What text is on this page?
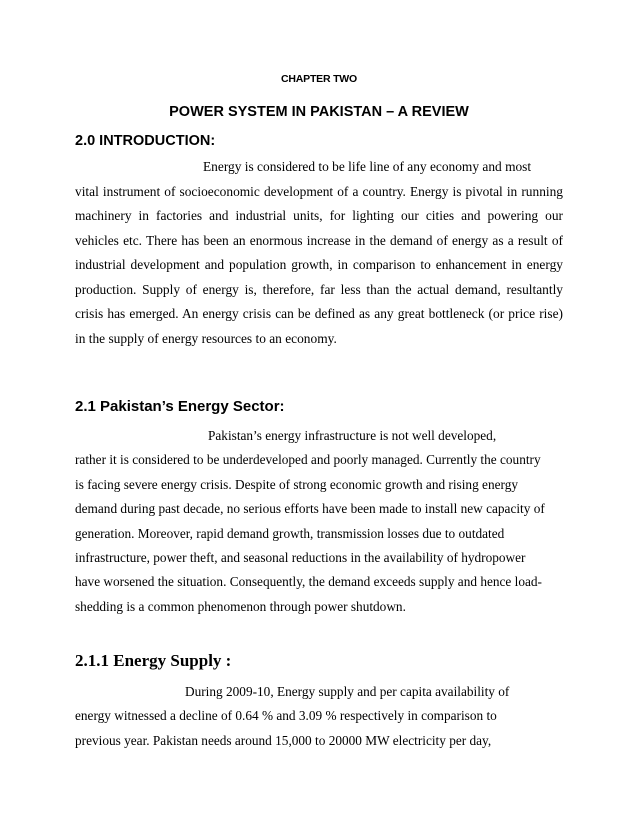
CHAPTER TWO
POWER SYSTEM IN PAKISTAN – A REVIEW
2.0 INTRODUCTION:
Energy is considered to be life line of any economy and most
vital instrument of socioeconomic development of a country. Energy is pivotal in running machinery in factories and industrial units, for lighting our cities and powering our vehicles etc. There has been an enormous increase in the demand of energy as a result of industrial development and population growth, in comparison to enhancement in energy production. Supply of energy is, therefore, far less than the actual demand, resultantly crisis has emerged. An energy crisis can be defined as any great bottleneck (or price rise) in the supply of energy resources to an economy.
2.1 Pakistan’s Energy Sector:
Pakistan’s energy infrastructure is not well developed,
rather it is considered to be underdeveloped and poorly managed. Currently the country is facing severe energy crisis. Despite of strong economic growth and rising energy demand during past decade, no serious efforts have been made to install new capacity of generation. Moreover, rapid demand growth, transmission losses due to outdated infrastructure, power theft, and seasonal reductions in the availability of hydropower have worsened the situation. Consequently, the demand exceeds supply and hence load-shedding is a common phenomenon through power shutdown.
2.1.1 Energy Supply :
During 2009-10, Energy supply and per capita availability of
energy witnessed a decline of 0.64 % and 3.09 % respectively in comparison to previous year. Pakistan needs around 15,000 to 20000 MW electricity per day,
